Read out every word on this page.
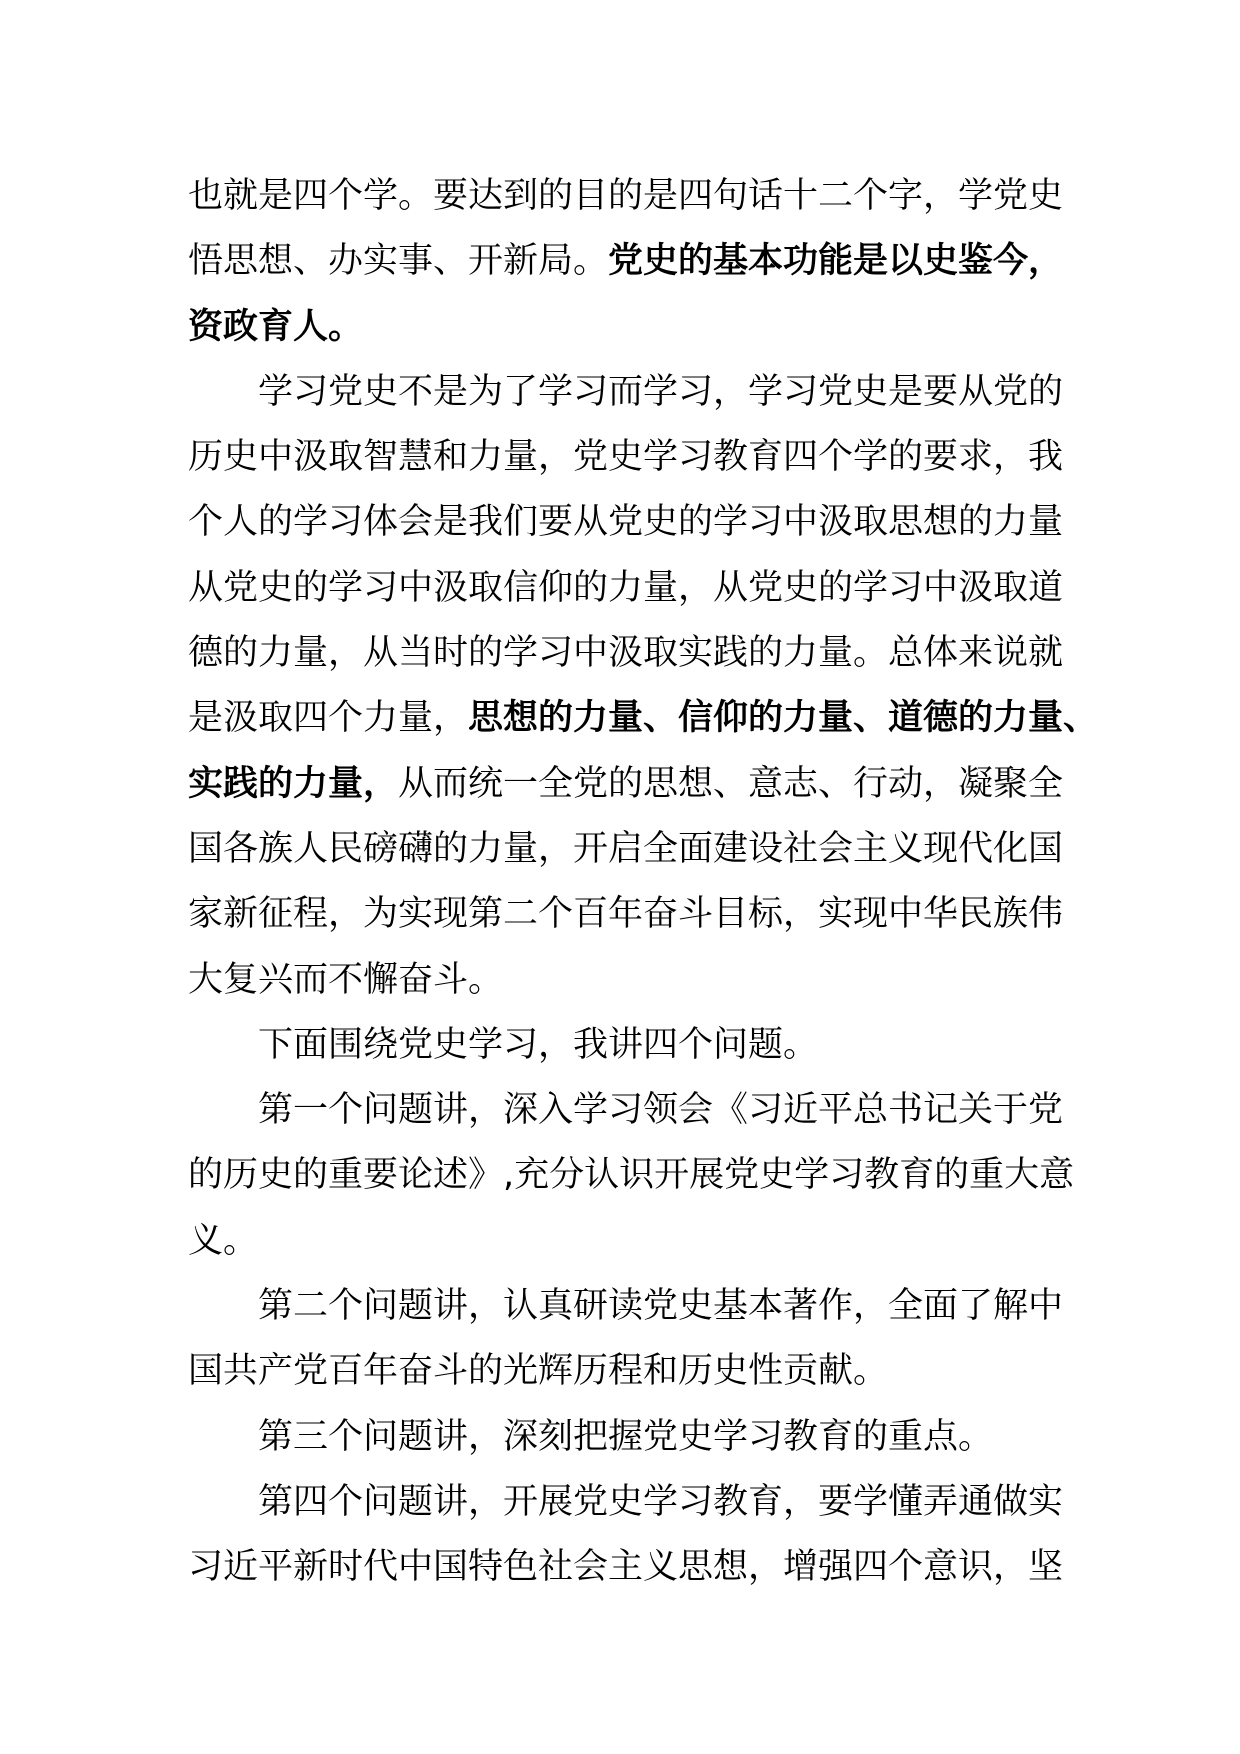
也就是四个学。要达到的目的是四句话十二个字，学党史
悟思想、办实事、开新局。党史的基本功能是以史鉴今，
资政育人。
学习党史不是为了学习而学习，学习党史是要从党的
历史中汲取智慧和力量，党史学习教育四个学的要求，我
个人的学习体会是我们要从党史的学习中汲取思想的力量
从党史的学习中汲取信仰的力量，从党史的学习中汲取道
德的力量，从当时的学习中汲取实践的力量。总体来说就
是汲取四个力量，思想的力量、信仰的力量、道德的力量、
实践的力量，从而统一全党的思想、意志、行动，凝聚全
国各族人民磅礴的力量，开启全面建设社会主义现代化国
家新征程，为实现第二个百年奋斗目标，实现中华民族伟
大复兴而不懈奋斗。
下面围绕党史学习，我讲四个问题。
第一个问题讲，深入学习领会《习近平总书记关于党
的历史的重要论述》,充分认识开展党史学习教育的重大意
义。
第二个问题讲，认真研读党史基本著作，全面了解中
国共产党百年奋斗的光辉历程和历史性贡献。
第三个问题讲，深刻把握党史学习教育的重点。
第四个问题讲，开展党史学习教育，要学懂弄通做实
习近平新时代中国特色社会主义思想，增强四个意识，坚
